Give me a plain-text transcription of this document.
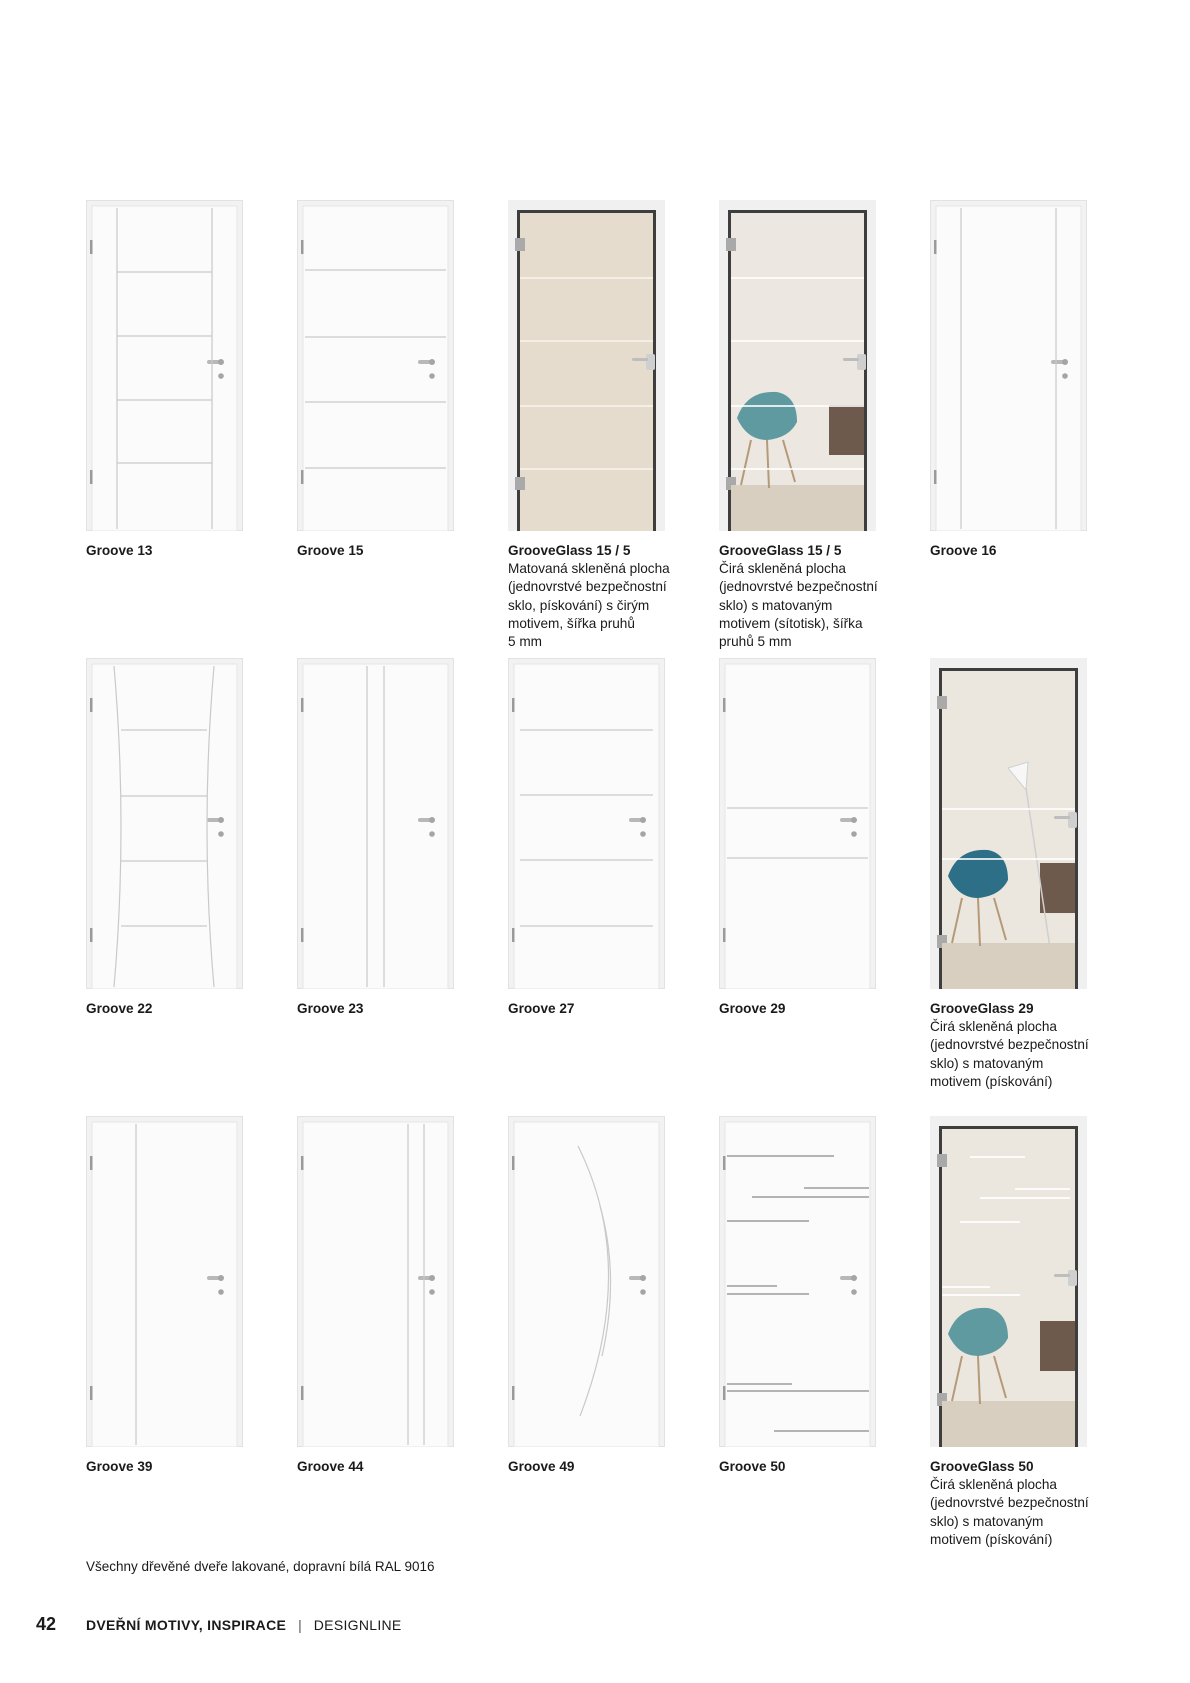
Groove 13	Groove 15	GrooveGlass 15 / 5
Matovaná skleněná plocha
(jednovrstvé bezpečnostní
sklo, pískování) s čirým
motivem, šířka pruhů
5 mm
GrooveGlass 15 / 5
Čirá skleněná plocha
(jednovrstvé bezpečnostní
sklo) s matovaným
motivem (sítotisk), šířka
pruhů 5 mm
Groove 16
Groove 22	Groove 23	Groove 27	Groove 29	GrooveGlass 29
Čirá skleněná plocha
(jednovrstvé bezpečnostní
sklo) s matovaným
motivem (pískování)
Groove 39	Groove 44	Groove 49	Groove 50	GrooveGlass 50
Čirá skleněná plocha
(jednovrstvé bezpečnostní
sklo) s matovaným
motivem (pískování)
Všechny dřevěné dveře lakované, dopravní bílá RAL 9016
42	DVEŘNÍ MOTIVY, INSPIRACE | DESIGNLINE
